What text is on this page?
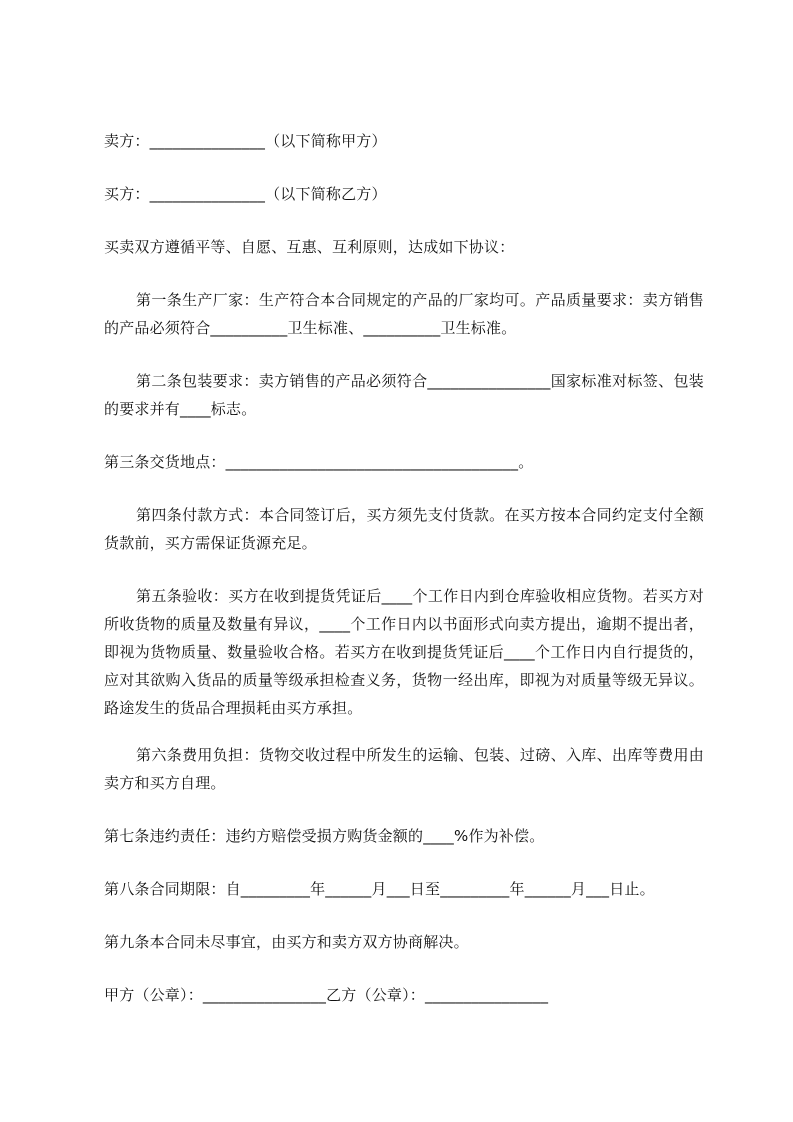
卖方：_______________（以下简称甲方）
买方：_______________（以下简称乙方）
买卖双方遵循平等、自愿、互惠、互利原则，达成如下协议：
第一条生产厂家：生产符合本合同规定的产品的厂家均可。产品质量要求：卖方销售的产品必须符合__________卫生标准、__________卫生标准。
第二条包装要求：卖方销售的产品必须符合________________国家标准对标签、包装的要求并有____标志。
第三条交货地点：______________________________________。
第四条付款方式：本合同签订后，买方须先支付货款。在买方按本合同约定支付全额货款前，买方需保证货源充足。
第五条验收：买方在收到提货凭证后____个工作日内到仓库验收相应货物。若买方对所收货物的质量及数量有异议，____个工作日内以书面形式向卖方提出，逾期不提出者，即视为货物质量、数量验收合格。若买方在收到提货凭证后____个工作日内自行提货的，应对其欲购入货品的质量等级承担检查义务，货物一经出库，即视为对质量等级无异议。路途发生的货品合理损耗由买方承担。
第六条费用负担：货物交收过程中所发生的运输、包装、过磅、入库、出库等费用由卖方和买方自理。
第七条违约责任：违约方赔偿受损方购货金额的____%作为补偿。
第八条合同期限：自_________年______月___日至_________年______月___日止。
第九条本合同未尽事宜，由买方和卖方双方协商解决。
甲方（公章）：________________乙方（公章）：________________
